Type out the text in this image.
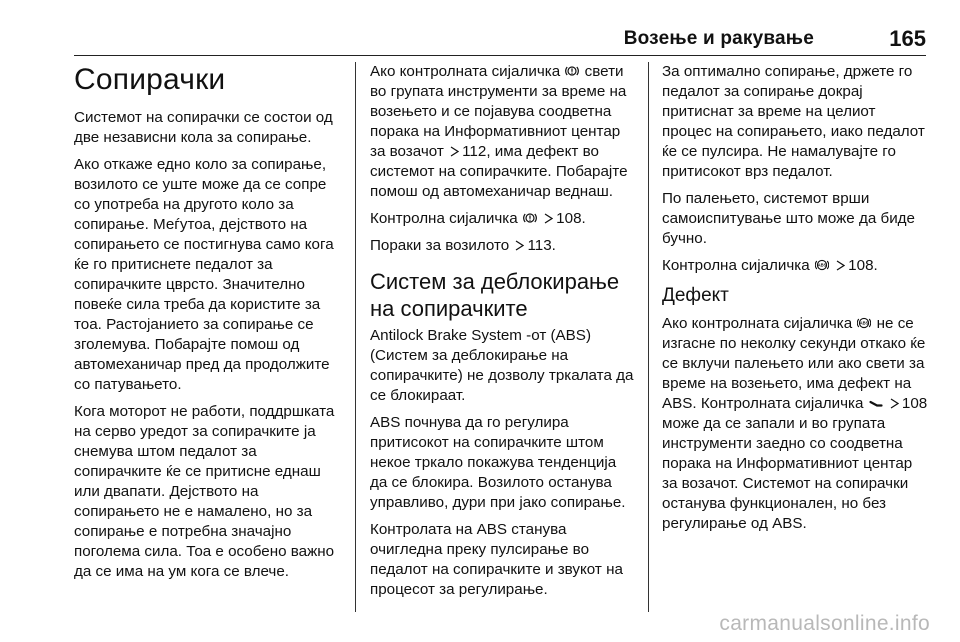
Возење и ракување	165
Сопирачки

Системот на сопирачки се состои од две независни кола за сопирање.

Ако откаже едно коло за сопирање, возилото се уште може да се сопре со употреба на другото коло за сопирање. Меѓутоа, дејството на сопирањето се постигнува само кога ќе го притиснете педалот за сопирачките цврсто. Значително повеќе сила треба да користите за тоа. Растојанието за сопирање се зголемува. Побарајте помош од автомеханичар пред да продолжите со патувањето.

Кога моторот не работи, поддршката на серво уредот за сопирачките ја снемува штом педалот за сопирачките ќе се притисне еднаш или двапати. Дејството на сопирањето не е намалено, но за сопирање е потребна значајно поголема сила. Тоа е особено важно да се има на ум кога се влече.

Ако контролната сијаличка свети во групата инструменти за време на возењето и се појавува соодветна порака на Информативниот центар за возачот 112, има дефект во системот на сопирачките. Побарајте помош од автомеханичар веднаш.

Контролна сијаличка	108.

Пораки за возилото 113.

Систем за деблокирање на сопирачките

Antilock Brake System -от (ABS) (Систем за деблокирање на сопирачките) не дозволу тркалата да се блокираат.

ABS почнува да го регулира притисокот на сопирачките штом некое тркало покажува тенденција да се блокира. Возилото останува управливо, дури при јако сопирање.

Контролата на ABS станува очигледна преку пулсирање во педалот на сопирачките и звукот на процесот за регулирање.

За оптимално сопирање, држете го педалот за сопирање докрај притиснат за време на целиот процес на сопирањето, иако педалот ќе се пулсира. Не намалувајте го притисокот врз педалот.

По палењето, системот врши самоиспитување што може да биде бучно.

Контролна сијаличка ABS 108.

Дефект

Ако контролната сијаличка ABS не се изгасне по неколку секунди откако ќе се вклучи палењето или ако свети за време на возењето, има дефект на ABS. Контролната сијаличка	108 може да се запали и во групата инструменти заедно со соодветна порака на Информативниот центар за возачот. Системот на сопирачки останува функционален, но без регулирање од ABS.

carmanualsonline.info
